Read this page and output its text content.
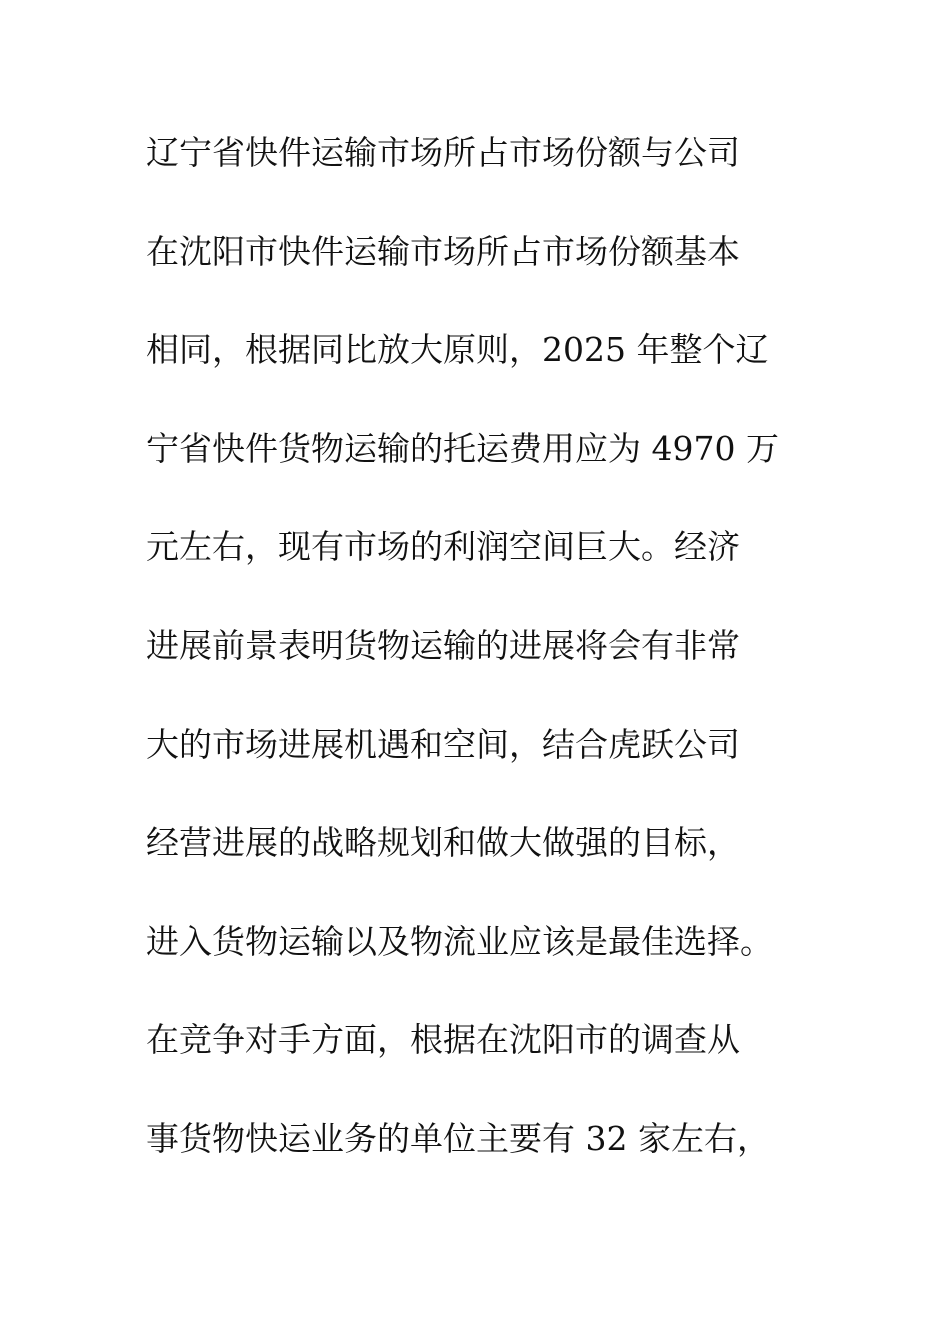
辽宁省快件运输市场所占市场份额与公司
在沈阳市快件运输市场所占市场份额基本
相同，根据同比放大原则，2025 年整个辽
宁省快件货物运输的托运费用应为 4970 万
元左右，现有市场的利润空间巨大。经济
进展前景表明货物运输的进展将会有非常
大的市场进展机遇和空间，结合虎跃公司
经营进展的战略规划和做大做强的目标，
进入货物运输以及物流业应该是最佳选择。
在竞争对手方面，根据在沈阳市的调查从
事货物快运业务的单位主要有 32 家左右，
